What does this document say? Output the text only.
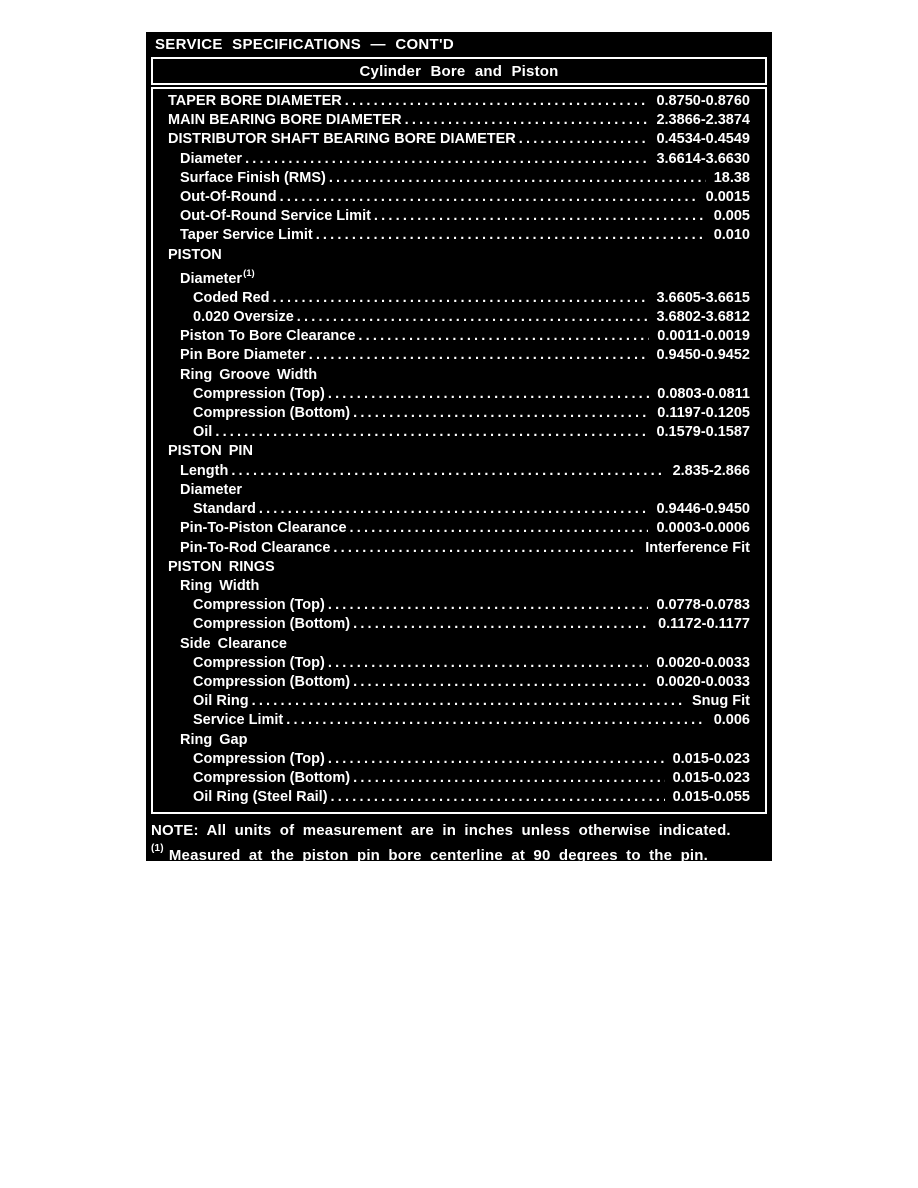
SERVICE SPECIFICATIONS — CONT'D
Cylinder Bore and Piston
TAPER BORE DIAMETER .....	0.8750-0.8760
MAIN BEARING BORE DIAMETER .....	2.3866-2.3874
DISTRIBUTOR SHAFT BEARING BORE DIAMETER .....	0.4534-0.4549
Diameter .....	3.6614-3.6630
Surface Finish (RMS) .....	18.38
Out-Of-Round .....	0.0015
Out-Of-Round Service Limit .....	0.005
Taper Service Limit .....	0.010
PISTON
Diameter$^{(1)}$
Coded Red .....	3.6605-3.6615
0.020 Oversize .....	3.6802-3.6812
Piston To Bore Clearance .....	0.0011-0.0019
Pin Bore Diameter .....	0.9450-0.9452
Ring Groove Width
Compression (Top) .....	0.0803-0.0811
Compression (Bottom) .....	0.1197-0.1205
Oil .....	0.1579-0.1587
PISTON PIN
Length .....	2.835-2.866
Diameter
Standard .....	0.9446-0.9450
Pin-To-Piston Clearance .....	0.0003-0.0006
Pin-To-Rod Clearance .....	Interference Fit
PISTON RINGS
Ring Width
Compression (Top) .....	0.0778-0.0783
Compression (Bottom) .....	0.1172-0.1177
Side Clearance
Compression (Top) .....	0.0020-0.0033
Compression (Bottom) .....	0.0020-0.0033
Oil Ring .....	Snug Fit
Service Limit .....	0.006
Ring Gap
Compression (Top) .....	0.015-0.023
Compression (Bottom) .....	0.015-0.023
Oil Ring (Steel Rail) .....	0.015-0.055
NOTE: All units of measurement are in inches unless otherwise indicated.
$^{(1)}$ Measured at the piston pin bore centerline at 90 degrees to the pin.
